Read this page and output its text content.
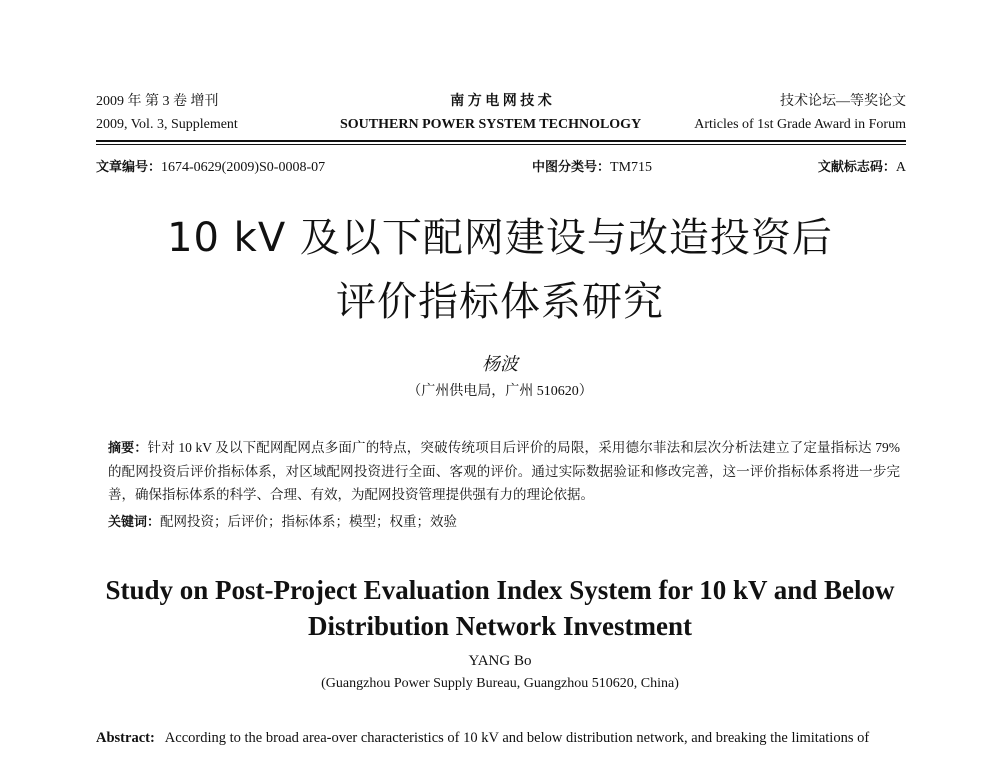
2009 年 第 3 卷 增刊	南 方 电 网 技 术	技术论坛—等奖论文
2009, Vol. 3, Supplement	SOUTHERN POWER SYSTEM TECHNOLOGY	Articles of 1st Grade Award in Forum
文章编号：1674-0629(2009)S0-0008-07	中图分类号：TM715	文献标志码：A
10 kV 及以下配网建设与改造投资后
评价指标体系研究
杨波
（广州供电局，广州 510620）
摘要：针对 10 kV 及以下配网配网点多面广的特点，突破传统项目后评价的局限，采用德尔菲法和层次分析法建立了定量指标达 79%的配网投资后评价指标体系，对区域配网投资进行全面、客观的评价。通过实际数据验证和修改完善，这一评价指标体系将进一步完善，确保指标体系的科学、合理、有效，为配网投资管理提供强有力的理论依据。
关键词：配网投资；后评价；指标体系；模型；权重；效验
Study on Post-Project Evaluation Index System for 10 kV and Below Distribution Network Investment
YANG Bo
(Guangzhou Power Supply Bureau, Guangzhou 510620, China)
Abstract: According to the broad area-over characteristics of 10 kV and below distribution network, and breaking the limitations of
